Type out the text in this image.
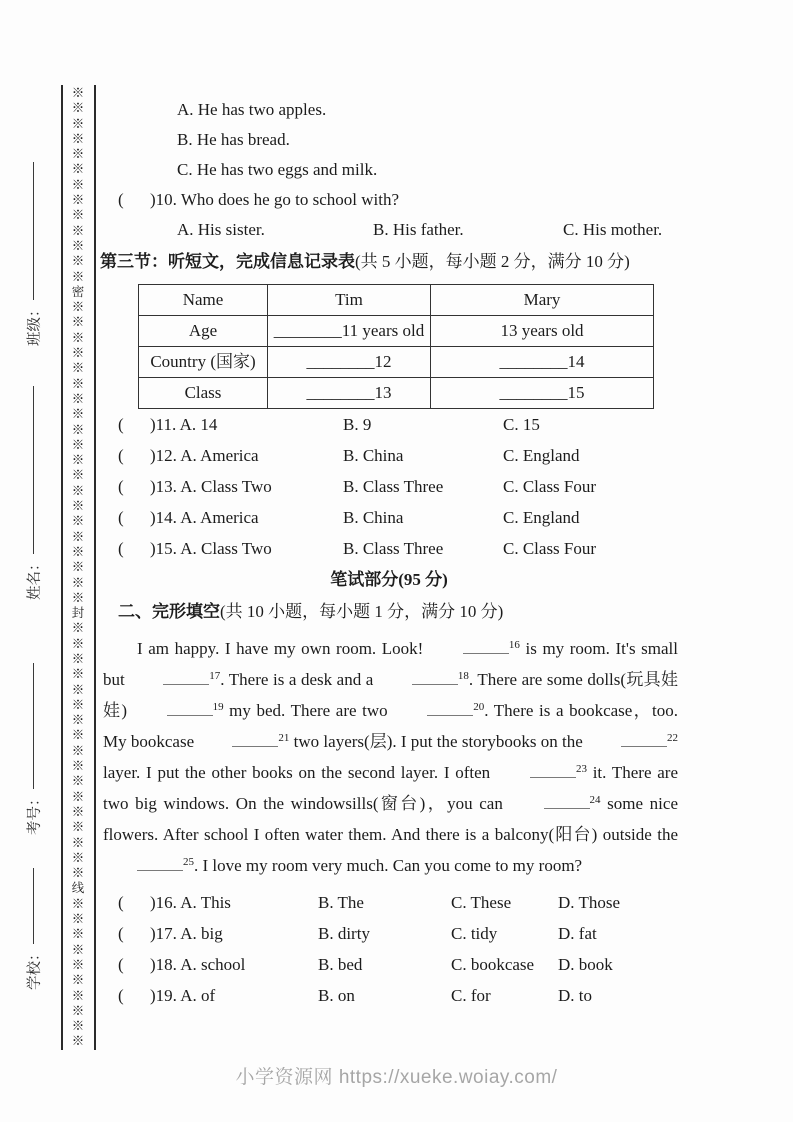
※※※※※※※※※※※※※密※※※※※※※※※※※※※※※※※※※※封※※※※※※※※※※※※※※※※※线※※※※※※※※※※
班级：
姓名：
考号：
学校：
A. He has two apples.
B. He has bread.
C. He has two eggs and milk.
(	)10. Who does he go to school with?
A. His sister.	B. His father.	C. His mother.
第三节：听短文，完成信息记录表(共 5 小题，每小题 2 分，满分 10 分)
Name	Tim	Mary
Age	________11 years old	13 years old
Country (国家)	________12	________14
Class	________13	________15
(	)11. A. 14	B. 9	C. 15
(	)12. A. America	B. China	C. England
(	)13. A. Class Two	B. Class Three	C. Class Four
(	)14. A. America	B. China	C. England
(	)15. A. Class Two	B. Class Three	C. Class Four
笔试部分(95 分)
二、完形填空(共 10 小题，每小题 1 分，满分 10 分)
I am happy. I have my own room. Look!	$^{16}$ is my room. It's small but	$^{17}$. There is a desk and a	$^{18}$. There are some dolls(玩具娃娃)	$^{19}$ my bed. There are two	$^{20}$. There is a bookcase，too. My bookcase	$^{21}$ two layers(层). I put the storybooks on the	$^{22}$ layer. I put the other books on the second layer. I often	$^{23}$ it. There are two big windows. On the windowsills(窗台)，you can	$^{24}$ some nice flowers. After school I often water them. And there is a balcony(阳台) outside the $^{25}$. I love my room very much. Can you come to my room?
(	)16. A. This	B. The	C. These	D. Those
(	)17. A. big	B. dirty	C. tidy	D. fat
(	)18. A. school	B. bed	C. bookcase	D. book
(	)19. A. of	B. on	C. for	D. to
小学资源网 https://xueke.woiay.com/
